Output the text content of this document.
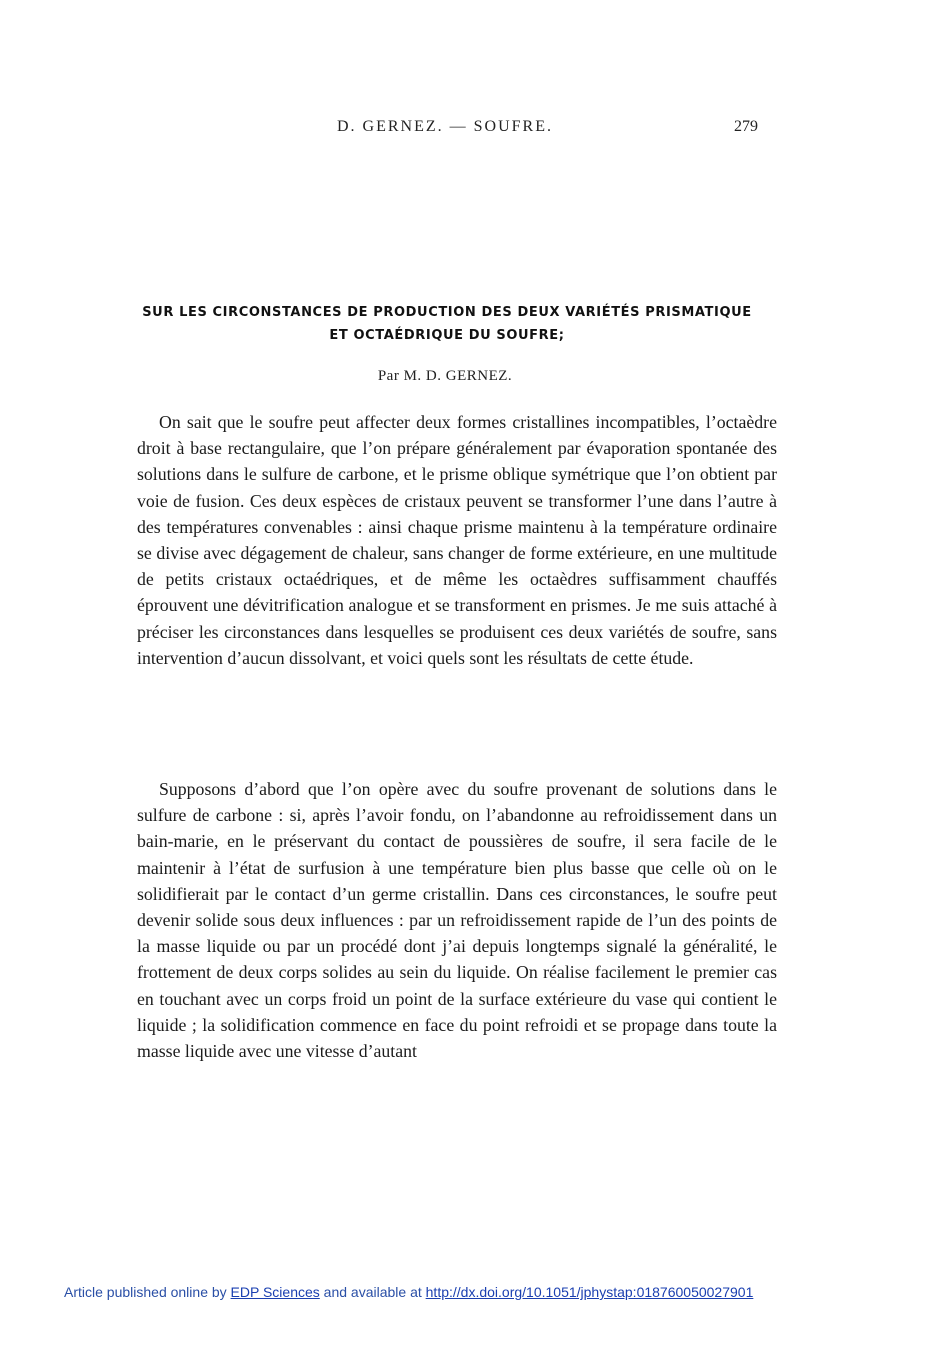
D. GERNEZ. — SOUFRE.	279
SUR LES CIRCONSTANCES DE PRODUCTION DES DEUX VARIÉTÉS PRISMATIQUE ET OCTAÉDRIQUE DU SOUFRE;
Par M. D. GERNEZ.

On sait que le soufre peut affecter deux formes cristallines incompatibles, l’octaèdre droit à base rectangulaire, que l’on prépare généralement par évaporation spontanée des solutions dans le sulfure de carbone, et le prisme oblique symétrique que l’on obtient par voie de fusion. Ces deux espèces de cristaux peuvent se transformer l’une dans l’autre à des températures convenables : ainsi chaque prisme maintenu à la température ordinaire se divise avec dégagement de chaleur, sans changer de forme extérieure, en une multitude de petits cristaux octaédriques, et de même les octaèdres suffisamment chauffés éprouvent une dévitrification analogue et se transforment en prismes. Je me suis attaché à préciser les circonstances dans lesquelles se produisent ces deux variétés de soufre, sans intervention d’aucun dissolvant, et voici quels sont les résultats de cette étude.

Supposons d’abord que l’on opère avec du soufre provenant de solutions dans le sulfure de carbone : si, après l’avoir fondu, on l’abandonne au refroidissement dans un bain-marie, en le préservant du contact de poussières de soufre, il sera facile de le maintenir à l’état de surfusion à une température bien plus basse que celle où on le solidifierait par le contact d’un germe cristallin. Dans ces circonstances, le soufre peut devenir solide sous deux influences : par un refroidissement rapide de l’un des points de la masse liquide ou par un procédé dont j’ai depuis longtemps signalé la généralité, le frottement de deux corps solides au sein du liquide. On réalise facilement le premier cas en touchant avec un corps froid un point de la surface extérieure du vase qui contient le liquide ; la solidification commence en face du point refroidi et se propage dans toute la masse liquide avec une vitesse d’autant

Article published online by EDP Sciences and available at http://dx.doi.org/10.1051/jphystap:018760050027901
